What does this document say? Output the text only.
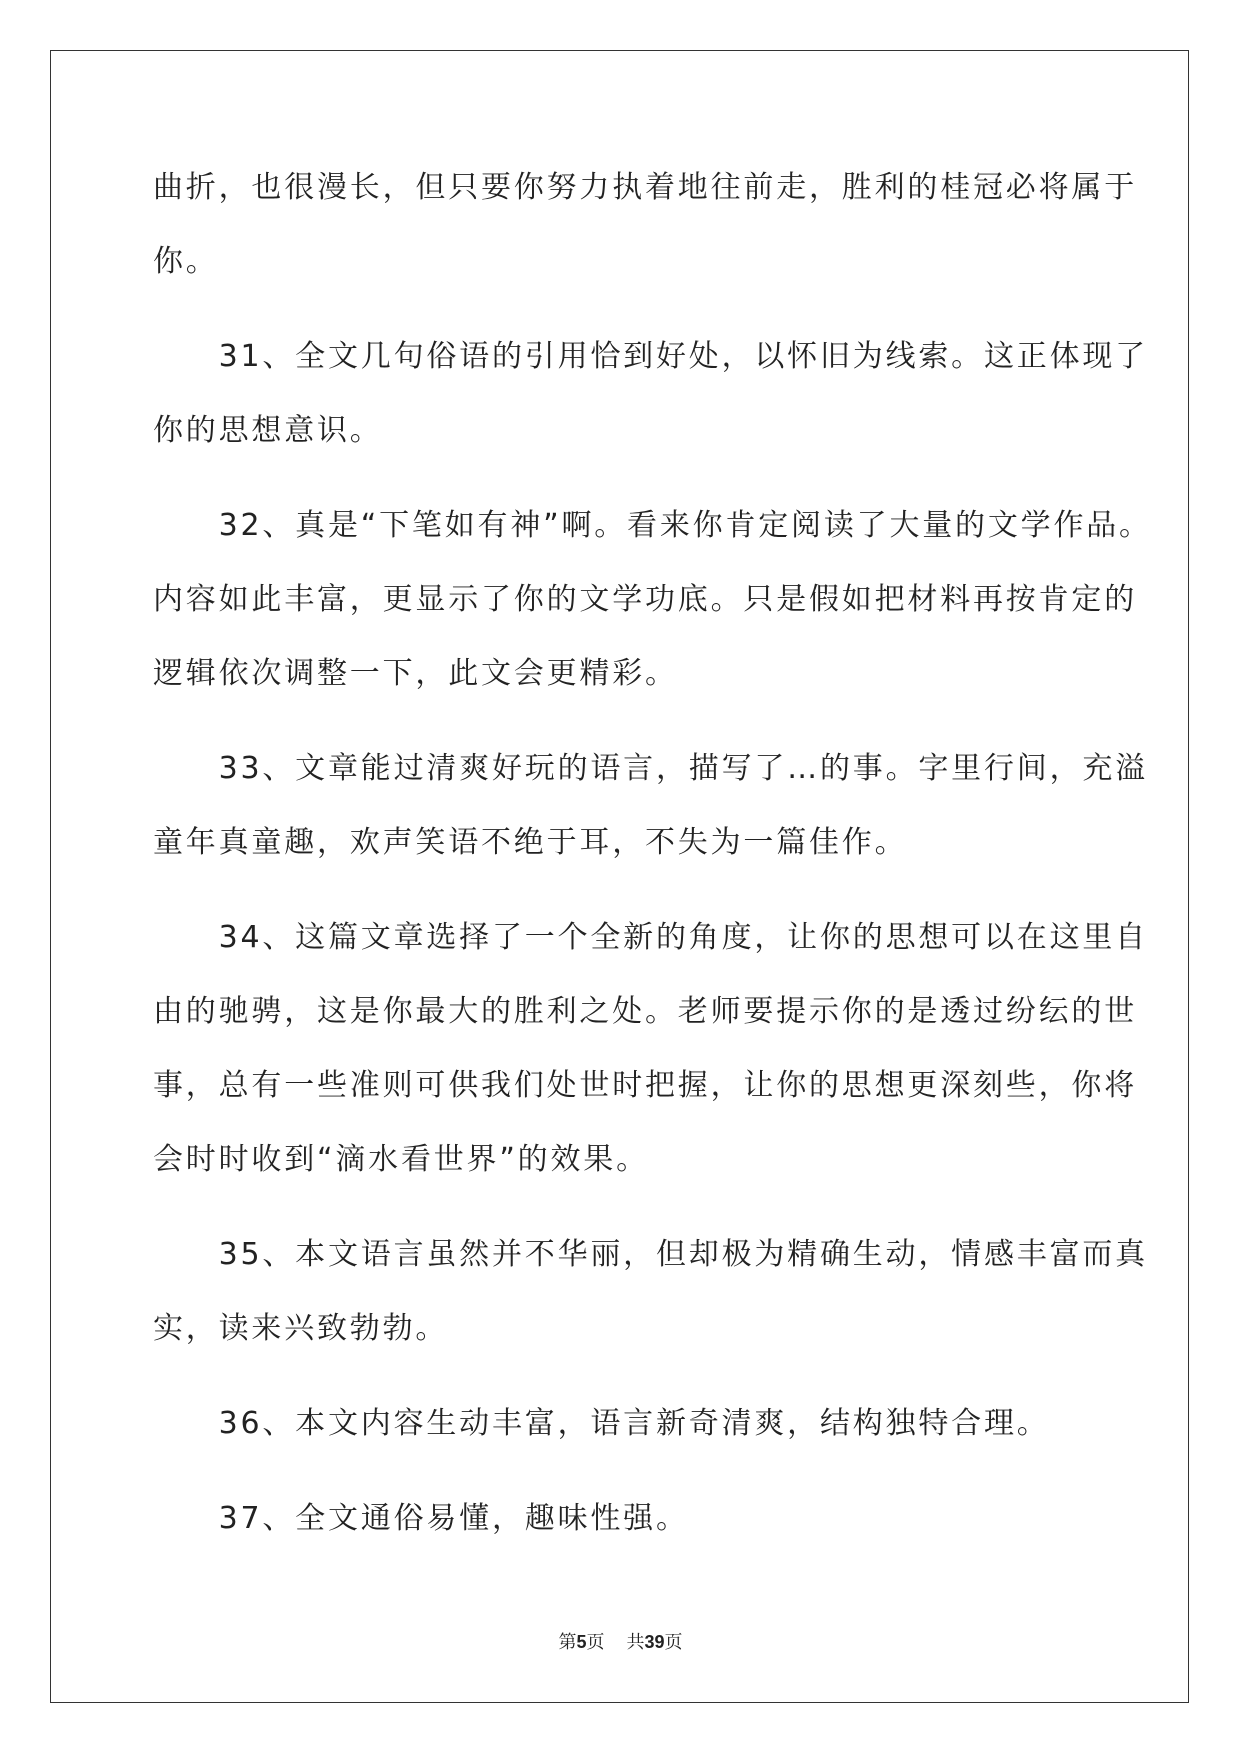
曲折，也很漫长，但只要你努力执着地往前走，胜利的桂冠必将属于

你。

　　31、全文几句俗语的引用恰到好处，以怀旧为线索。这正体现了

你的思想意识。

　　32、真是“下笔如有神”啊。看来你肯定阅读了大量的文学作品。

内容如此丰富，更显示了你的文学功底。只是假如把材料再按肯定的

逻辑依次调整一下，此文会更精彩。

　　33、文章能过清爽好玩的语言，描写了…的事。字里行间，充溢

童年真童趣，欢声笑语不绝于耳，不失为一篇佳作。

　　34、这篇文章选择了一个全新的角度，让你的思想可以在这里自

由的驰骋，这是你最大的胜利之处。老师要提示你的是透过纷纭的世

事，总有一些准则可供我们处世时把握，让你的思想更深刻些，你将

会时时收到“滴水看世界”的效果。

　　35、本文语言虽然并不华丽，但却极为精确生动，情感丰富而真

实，读来兴致勃勃。

　　36、本文内容生动丰富，语言新奇清爽，结构独特合理。

　　37、全文通俗易懂，趣味性强。

第5页 共39页
